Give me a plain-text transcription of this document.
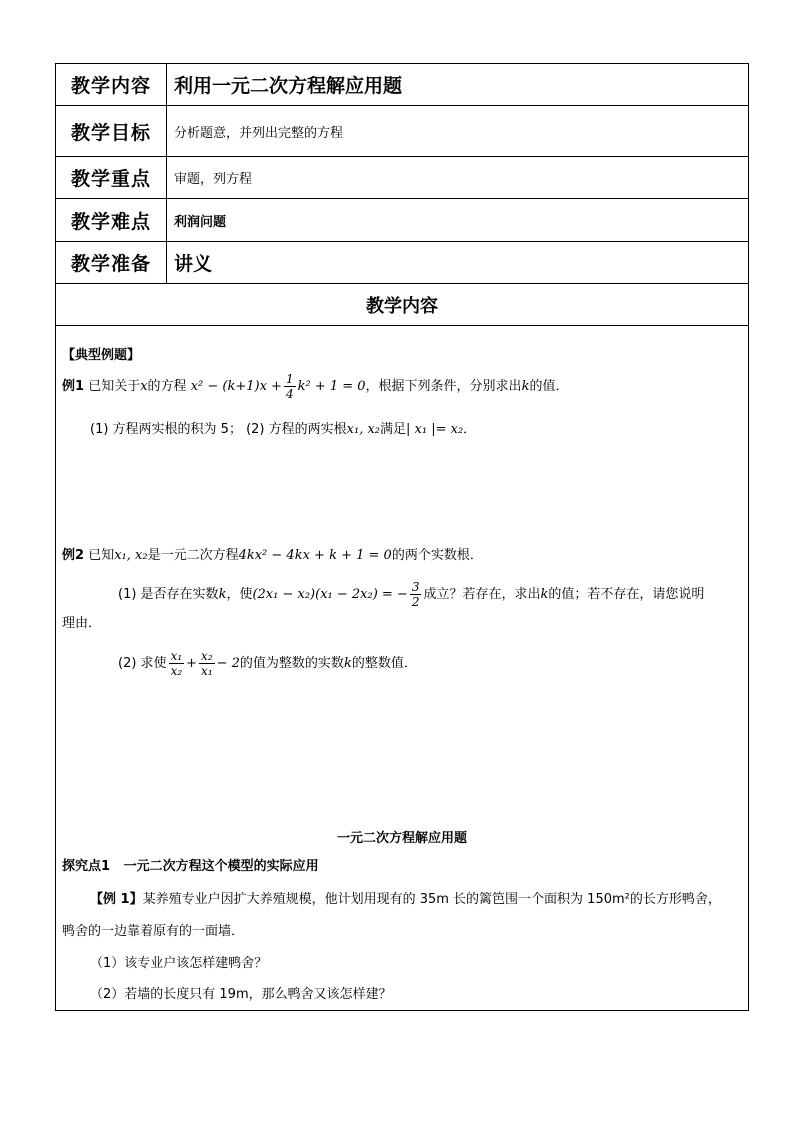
教学内容	利用一元二次方程解应用题
教学目标	分析题意，并列出完整的方程
教学重点	审题，列方程
教学难点	利润问题
教学准备	讲义
教学内容
【典型例题】
例1 已知关于x的方程 $x^2 - (k+1)x + \frac{1}{4} k^2 + 1 = 0$，根据下列条件，分别求出k的值．
(1) 方程两实根的积为 5； (2) 方程的两实根x₁, x₂满足| x₁ |= x₂．
例2 已知x₁, x₂是一元二次方程4kx² − 4kx + k + 1 = 0的两个实数根．
(1) 是否存在实数k，使(2x₁ − x₂)(x₁ − 2x₂) = − $\frac{3}{2}$ 成立？若存在，求出k的值；若不存在，请您说明
理由．
(2) 求使 $\frac{\text{x₁}}{\text{x₂}} + \frac{\text{x₂}}{\text{x₁}} - 2$的值为整数的实数k的整数值．
一元二次方程解应用题
探究点1 一元二次方程这个模型的实际应用
【例 1】某养殖专业户因扩大养殖规模，他计划用现有的 35m 长的篱笆围一个面积为 150m²的长方形鸭舍，
鸭舍的一边靠着原有的一面墙．
（1）该专业户该怎样建鸭舍？
（2）若墙的长度只有 19m，那么鸭舍又该怎样建？
